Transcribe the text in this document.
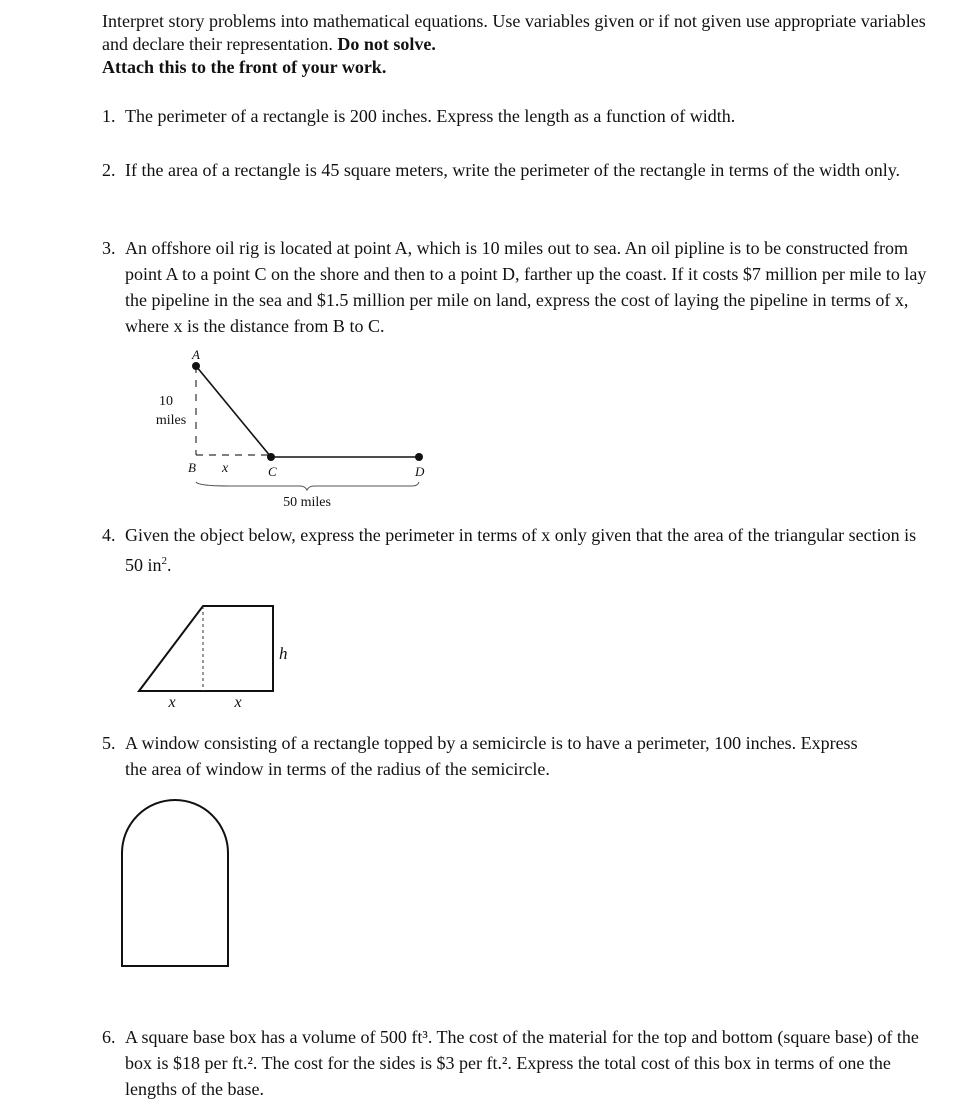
Interpret story problems into mathematical equations. Use variables given or if not given use appropriate variables and declare their representation. Do not solve.
Attach this to the front of your work.
1. The perimeter of a rectangle is 200 inches. Express the length as a function of width.
2. If the area of a rectangle is 45 square meters, write the perimeter of the rectangle in terms of the width only.
3. An offshore oil rig is located at point A, which is 10 miles out to sea. An oil pipline is to be constructed from point A to a point C on the shore and then to a point D, farther up the coast. If it costs $7 million per mile to lay the pipeline in the sea and $1.5 million per mile on land, express the cost of laying the pipeline in terms of x, where x is the distance from B to C.
A
10
miles
B x	C	D
50 miles
x	x
h
4. Given the object below, express the perimeter in terms of x only given that the area of the triangular section is 50 $in^2$.
5. A window consisting of a rectangle topped by a semicircle is to have a perimeter, 100 inches. Express the area of window in terms of the radius of the semicircle.
6. A square base box has a volume of 500 ft³. The cost of the material for the top and bottom (square base) of the box is $18 per ft.². The cost for the sides is $3 per ft.². Express the total cost of this box in terms of one the lengths of the base.
